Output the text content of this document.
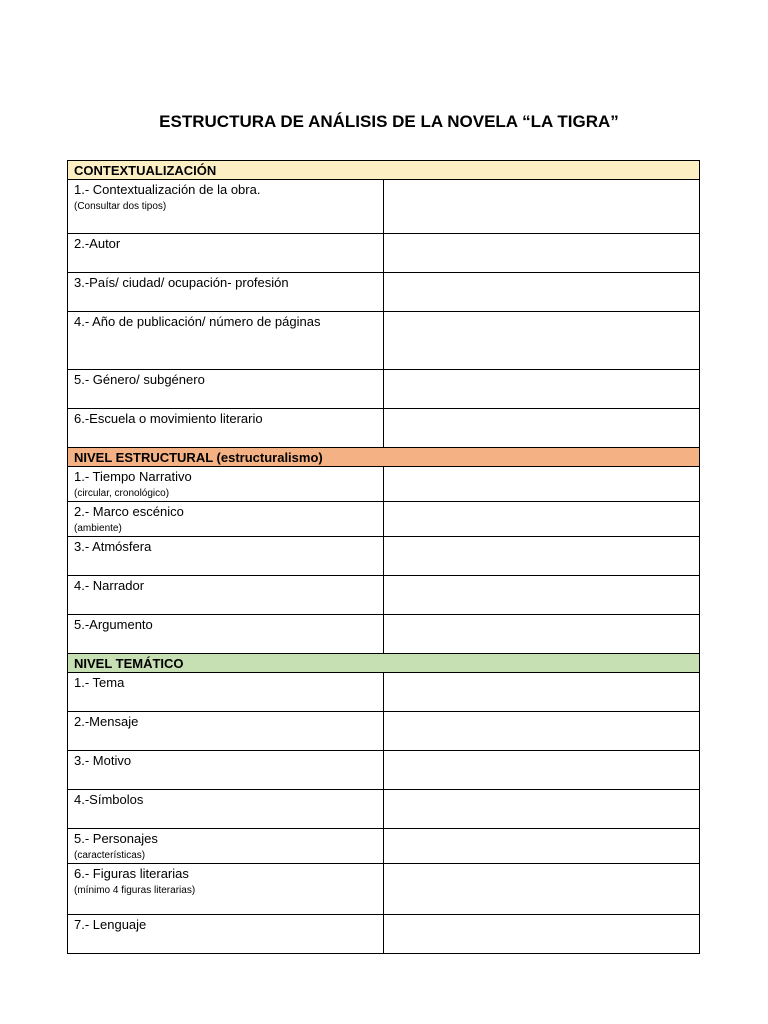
ESTRUCTURA DE ANÁLISIS DE LA NOVELA “LA TIGRA”
CONTEXTUALIZACIÓN	
1.- Contextualización de la obra.
(Consultar dos tipos)	

2.-Autor	
3.-País/ ciudad/ ocupación- profesión	
4.- Año de publicación/ número de páginas	
5.- Género/ subgénero	
6.-Escuela o movimiento literario	
NIVEL ESTRUCTURAL (estructuralismo)	
1.- Tiempo Narrativo
(circular, cronológico)	

2.- Marco escénico
(ambiente)	

3.- Atmósfera	
4.- Narrador	
5.-Argumento	
NIVEL TEMÁTICO	
1.- Tema	
2.-Mensaje	
3.- Motivo	
4.-Símbolos	
5.- Personajes
(características)	

6.- Figuras literarias
(mínimo 4 figuras literarias)	

7.- Lenguaje	
